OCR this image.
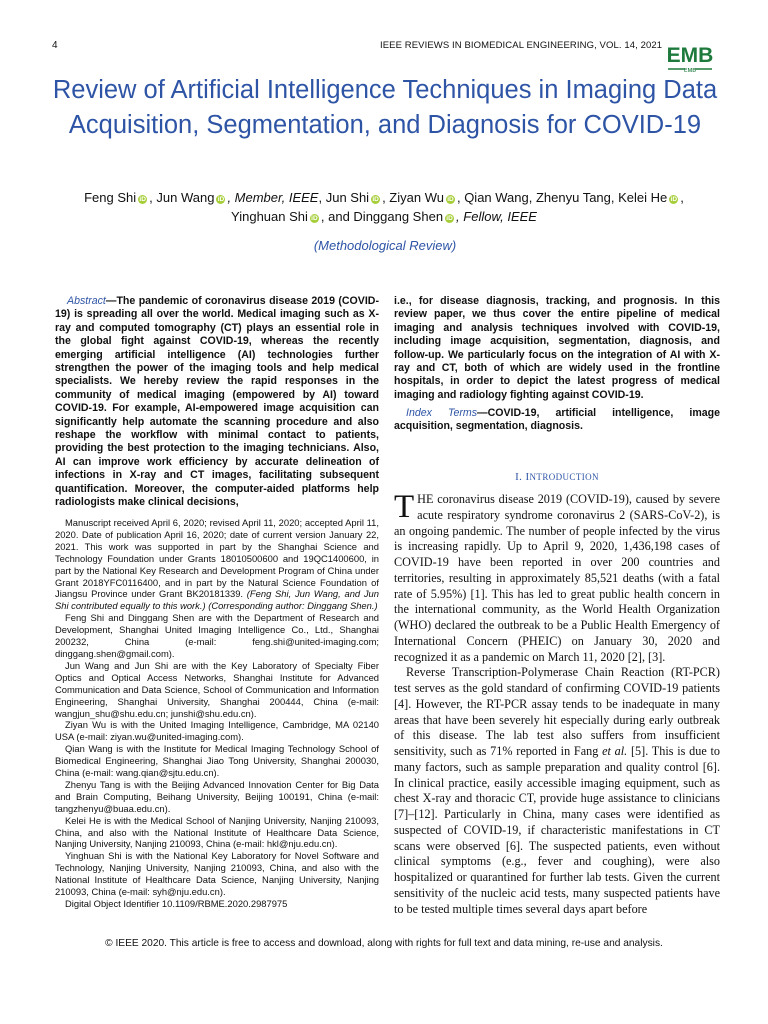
4	IEEE REVIEWS IN BIOMEDICAL ENGINEERING, VOL. 14, 2021 EMB
ᴇᴍʙ
Review of Artificial Intelligence Techniques in Imaging Data Acquisition, Segmentation, and Diagnosis for COVID-19
Feng Shi iD , Jun Wang iD , Member, IEEE, Jun Shi iD , Ziyan Wu iD , Qian Wang, Zhenyu Tang, Kelei He iD ,
Yinghuan Shi iD , and Dinggang Shen iD , Fellow, IEEE
(Methodological Review)
Abstract—The pandemic of coronavirus disease 2019 (COVID-19) is spreading all over the world. Medical imaging such as X-ray and computed tomography (CT) plays an essential role in the global fight against COVID-19, whereas the recently emerging artificial intelligence (AI) technologies further strengthen the power of the imaging tools and help medical specialists. We hereby review the rapid responses in the community of medical imaging (empowered by AI) toward COVID-19. For example, AI-empowered image acquisition can significantly help automate the scanning procedure and also reshape the workflow with minimal contact to patients, providing the best protection to the imaging technicians. Also, AI can improve work efficiency by accurate delineation of infections in X-ray and CT images, facilitating subsequent quantification. Moreover, the computer-aided platforms help radiologists make clinical decisions,
i.e., for disease diagnosis, tracking, and prognosis. In this review paper, we thus cover the entire pipeline of medical imaging and analysis techniques involved with COVID-19, including image acquisition, segmentation, diagnosis, and follow-up. We particularly focus on the integration of AI with X-ray and CT, both of which are widely used in the frontline hospitals, in order to depict the latest progress of medical imaging and radiology fighting against COVID-19.
Index Terms—COVID-19, artificial intelligence, image acquisition, segmentation, diagnosis.

Manuscript received April 6, 2020; revised April 11, 2020; accepted April 11, 2020. Date of publication April 16, 2020; date of current version January 22, 2021. This work was supported in part by the Shanghai Science and Technology Foundation under Grants 18010500600 and 19QC1400600, in part by the National Key Research and Development Program of China under Grant 2018YFC0116400, and in part by the Natural Science Foundation of Jiangsu Province under Grant BK20181339. (Feng Shi, Jun Wang, and Jun Shi contributed equally to this work.) (Corresponding author: Dinggang Shen.)

Feng Shi and Dinggang Shen are with the Department of Research and Development, Shanghai United Imaging Intelligence Co., Ltd., Shanghai 200232, China (e-mail: feng.shi@united-imaging.com; dinggang.shen@gmail.com).

Jun Wang and Jun Shi are with the Key Laboratory of Specialty Fiber Optics and Optical Access Networks, Shanghai Institute for Advanced Communication and Data Science, School of Communication and Information Engineering, Shanghai University, Shanghai 200444, China (e-mail: wangjun_shu@shu.edu.cn; junshi@shu.edu.cn).

Ziyan Wu is with the United Imaging Intelligence, Cambridge, MA 02140 USA (e-mail: ziyan.wu@united-imaging.com).

Qian Wang is with the Institute for Medical Imaging Technology School of Biomedical Engineering, Shanghai Jiao Tong University, Shanghai 200030, China (e-mail: wang.qian@sjtu.edu.cn).

Zhenyu Tang is with the Beijing Advanced Innovation Center for Big Data and Brain Computing, Beihang University, Beijing 100191, China (e-mail: tangzhenyu@buaa.edu.cn).

Kelei He is with the Medical School of Nanjing University, Nanjing 210093, China, and also with the National Institute of Healthcare Data Science, Nanjing University, Nanjing 210093, China (e-mail: hkl@nju.edu.cn).

Yinghuan Shi is with the National Key Laboratory for Novel Software and Technology, Nanjing University, Nanjing 210093, China, and also with the National Institute of Healthcare Data Science, Nanjing University, Nanjing 210093, China (e-mail: syh@nju.edu.cn).

Digital Object Identifier 10.1109/RBME.2020.2987975

I. INTRODUCTION

THE coronavirus disease 2019 (COVID-19), caused by severe acute respiratory syndrome coronavirus 2 (SARS-CoV-2), is an ongoing pandemic. The number of people infected by the virus is increasing rapidly. Up to April 9, 2020, 1,436,198 cases of COVID-19 have been reported in over 200 countries and territories, resulting in approximately 85,521 deaths (with a fatal rate of 5.95%) [1]. This has led to great public health concern in the international community, as the World Health Organization (WHO) declared the outbreak to be a Public Health Emergency of International Concern (PHEIC) on January 30, 2020 and recognized it as a pandemic on March 11, 2020 [2], [3].

Reverse Transcription-Polymerase Chain Reaction (RT-PCR) test serves as the gold standard of confirming COVID-19 patients [4]. However, the RT-PCR assay tends to be inadequate in many areas that have been severely hit especially during early outbreak of this disease. The lab test also suffers from insufficient sensitivity, such as 71% reported in Fang et al. [5]. This is due to many factors, such as sample preparation and quality control [6]. In clinical practice, easily accessible imaging equipment, such as chest X-ray and thoracic CT, provide huge assistance to clinicians [7]–[12]. Particularly in China, many cases were identified as suspected of COVID-19, if characteristic manifestations in CT scans were observed [6]. The suspected patients, even without clinical symptoms (e.g., fever and coughing), were also hospitalized or quarantined for further lab tests. Given the current sensitivity of the nucleic acid tests, many suspected patients have to be tested multiple times several days apart before

© IEEE 2020. This article is free to access and download, along with rights for full text and data mining, re-use and analysis.
